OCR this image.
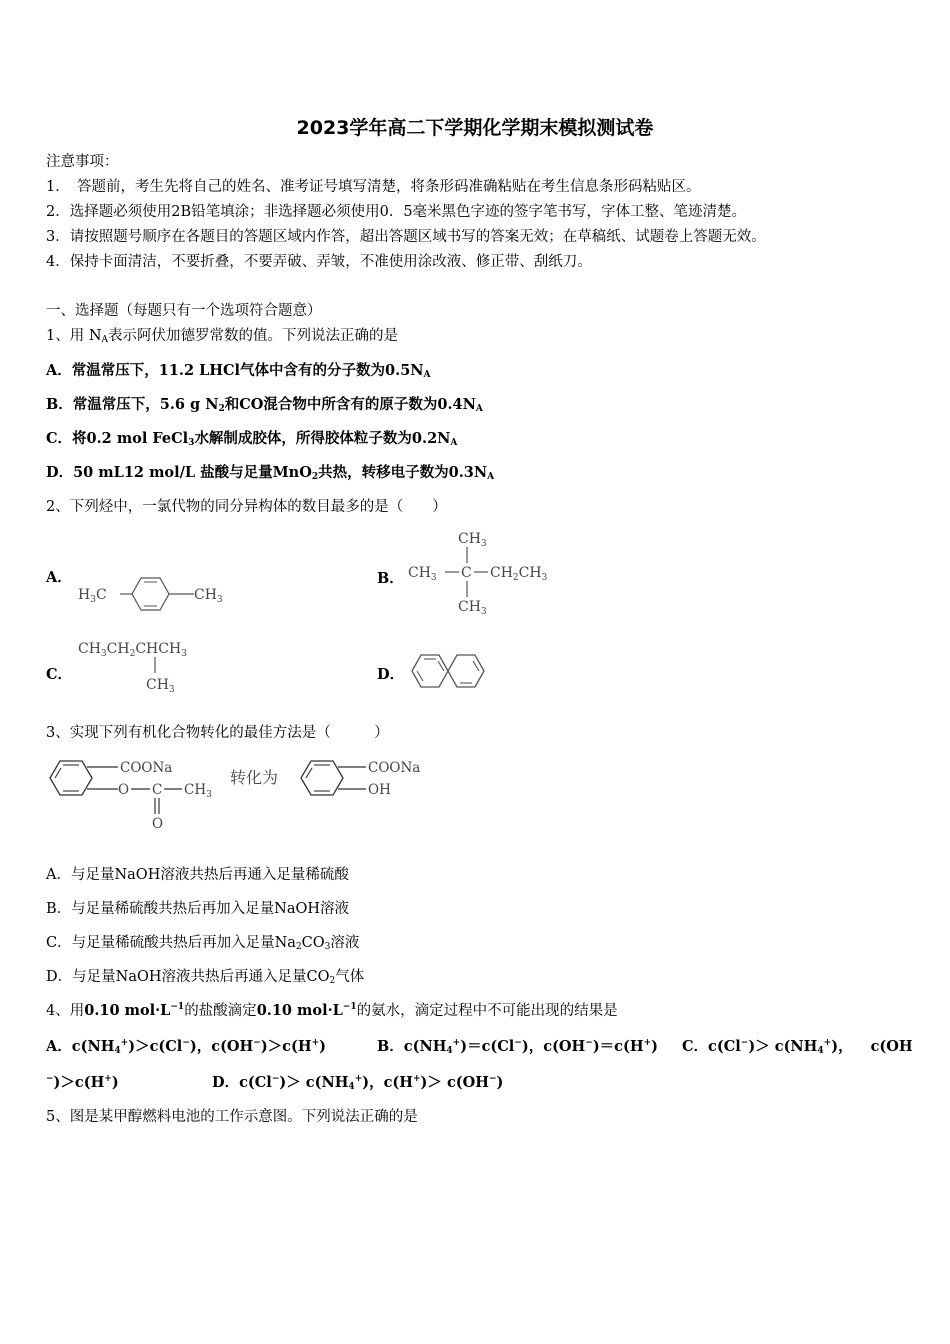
2023学年高二下学期化学期末模拟测试卷
注意事项：
1．　答题前，考生先将自己的姓名、准考证号填写清楚，将条形码准确粘贴在考生信息条形码粘贴区。
2．选择题必须使用2B铅笔填涂；非选择题必须使用0．5毫米黑色字迹的签字笔书写，字体工整、笔迹清楚。
3．请按照题号顺序在各题目的答题区域内作答，超出答题区域书写的答案无效；在草稿纸、试题卷上答题无效。
4．保持卡面清洁，不要折叠，不要弄破、弄皱，不准使用涂改液、修正带、刮纸刀。
一、选择题（每题只有一个选项符合题意）
1、用 $N_A$表示阿伏加德罗常数的值。下列说法正确的是
A．常温常压下，11.2 LHCl气体中含有的分子数为$0.5N_A$
B．常温常压下，5.6 g $N_2$和CO混合物中所含有的原子数为$0.4N_A$
C．将0.2 mol FeCl$_3$水解制成胶体，所得胶体粒子数为$0.2N_A$
D．50 mL12 mol/L 盐酸与足量MnO$_2$共热，转移电子数为$0.3N_A$
2、下列烃中，一氯代物的同分异构体的数目最多的是（　　）
A．	B．
C．	D．
$H_3C$	$CH_3$
$CH_3$
$CH_3$ C $CH_2CH_3$
$CH_3$
$CH_3CH_2CHCH_3$
$CH_3$
3、实现下列有机化合物转化的最佳方法是（　　　）
COONa
O C $CH_3$
O
转化为	COONa
OH
A．与足量NaOH溶液共热后再通入足量稀硫酸
B．与足量稀硫酸共热后再加入足量NaOH溶液
C．与足量稀硫酸共热后再加入足量$Na_2CO_3$溶液
D．与足量NaOH溶液共热后再通入足量$CO_2$气体
4、用0.10 $mol\cdot L^{-1}$的盐酸滴定0.10 $mol\cdot L^{-1}$的氨水，滴定过程中不可能出现的结果是
A．$c(NH_4^+)>c(Cl^-)$，c(OH−)＞c(H+)	B．$c(NH_4^+)=c(Cl^-)$，c(OH−)＝c(H+) C．$c(Cl^-)> c(NH_4^+)$， c(OH
−)＞c(H+)	D．$c(Cl^-)> c(NH_4^+)$，c(H+)＞ c(OH−)
5、图是某甲醇燃料电池的工作示意图。下列说法正确的是
